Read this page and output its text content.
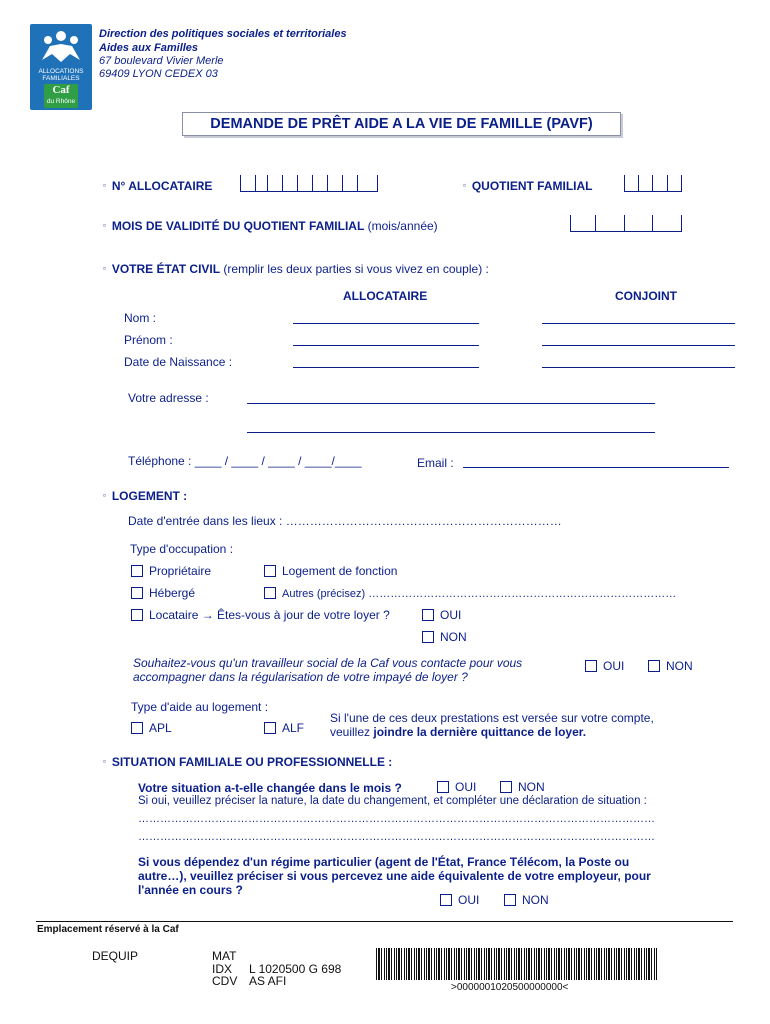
ALLOCATIONS
FAMILIALES
Caf
du Rhône
Direction des politiques sociales et territoriales
Aides aux Familles
67 boulevard Vivier Merle
69409 LYON CEDEX 03
DEMANDE DE PRÊT AIDE A LA VIE DE FAMILLE (PAVF)
▫ N° ALLOCATAIRE	▫ QUOTIENT FAMILIAL
▫ MOIS DE VALIDITÉ DU QUOTIENT FAMILIAL (mois/année)
▫ VOTRE ÉTAT CIVIL (remplir les deux parties si vous vivez en couple) :
ALLOCATAIRE	CONJOINT
Nom :
Prénom :
Date de Naissance :
Votre adresse :
Téléphone : ____ / ____ / ____ / ____/____	Email :
▫ LOGEMENT :
Date d'entrée dans les lieux : ……………………………………………………………
Type d'occupation :
Propriétaire	Logement de fonction
Hébergé	Autres (précisez) …………………………………………………………………………
Locataire → Êtes-vous à jour de votre loyer ?	OUI
NON
Souhaitez-vous qu'un travailleur social de la Caf vous contacte pour vous
accompagner dans la régularisation de votre impayé de loyer ?
OUI	NON
Type d'aide au logement :
APL	ALF
Si l'une de ces deux prestations est versée sur votre compte,
veuillez joindre la dernière quittance de loyer.
▫ SITUATION FAMILIALE OU PROFESSIONNELLE :
Votre situation a-t-elle changée dans le mois ?	OUI	NON
Si oui, veuillez préciser la nature, la date du changement, et compléter une déclaration de situation :
……………………………………………………………………………………………………………………………
……………………………………………………………………………………………………………………………
Si vous dépendez d'un régime particulier (agent de l'État, France Télécom, la Poste ou
autre…), veuillez préciser si vous percevez une aide équivalente de votre employeur, pour
l'année en cours ?
OUI	NON
Emplacement réservé à la Caf
DEQUIP	MAT
IDX L 1020500 G 698
CDV AS AFI	>0000001020500000000<
